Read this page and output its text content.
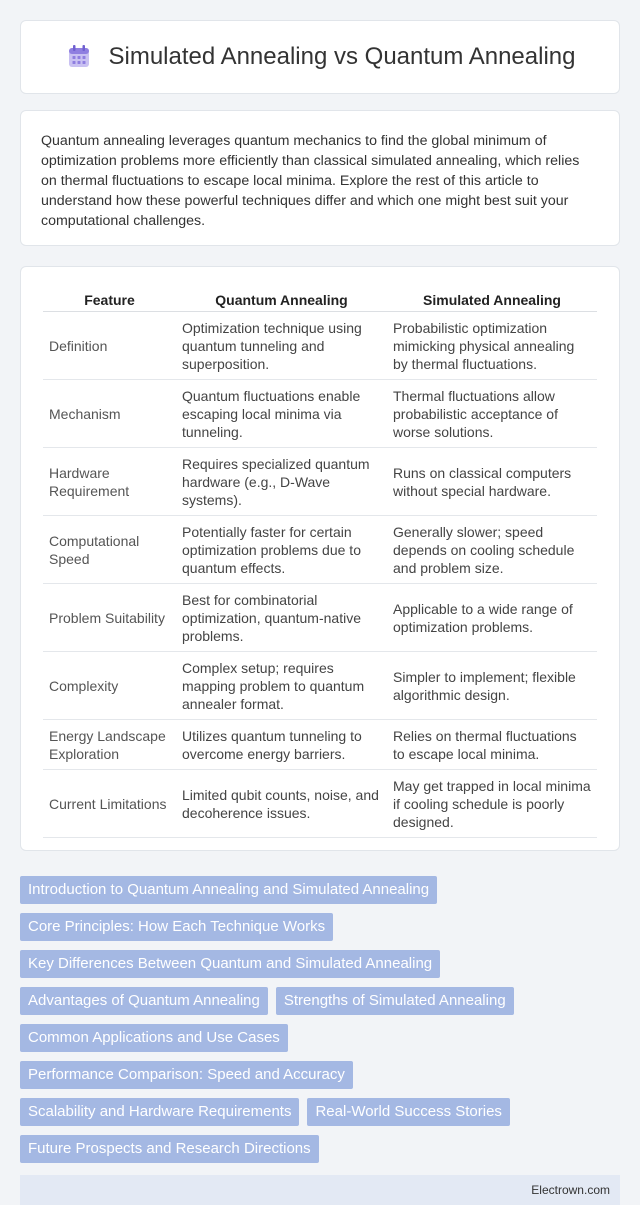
Simulated Annealing vs Quantum Annealing

Quantum annealing leverages quantum mechanics to find the global minimum of optimization problems more efficiently than classical simulated annealing, which relies on thermal fluctuations to escape local minima. Explore the rest of this article to understand how these powerful techniques differ and which one might best suit your computational challenges.

Feature	Quantum Annealing	Simulated Annealing
Definition	Optimization technique using quantum tunneling and superposition.	Probabilistic optimization mimicking physical annealing by thermal fluctuations.
Mechanism	Quantum fluctuations enable escaping local minima via tunneling.	Thermal fluctuations allow probabilistic acceptance of worse solutions.
Hardware Requirement	Requires specialized quantum hardware (e.g., D-Wave systems).	Runs on classical computers without special hardware.
Computational Speed	Potentially faster for certain optimization problems due to quantum effects.	Generally slower; speed depends on cooling schedule and problem size.
Problem Suitability	Best for combinatorial optimization, quantum-native problems.	Applicable to a wide range of optimization problems.
Complexity	Complex setup; requires mapping problem to quantum annealer format.	Simpler to implement; flexible algorithmic design.
Energy Landscape Exploration	Utilizes quantum tunneling to overcome energy barriers.	Relies on thermal fluctuations to escape local minima.
Current Limitations	Limited qubit counts, noise, and decoherence issues.	May get trapped in local minima if cooling schedule is poorly designed.
Introduction to Quantum Annealing and Simulated Annealing
Core Principles: How Each Technique Works
Key Differences Between Quantum and Simulated Annealing
Advantages of Quantum Annealing	Strengths of Simulated Annealing
Common Applications and Use Cases
Performance Comparison: Speed and Accuracy
Scalability and Hardware Requirements	Real-World Success Stories
Future Prospects and Research Directions
Electrown.com
